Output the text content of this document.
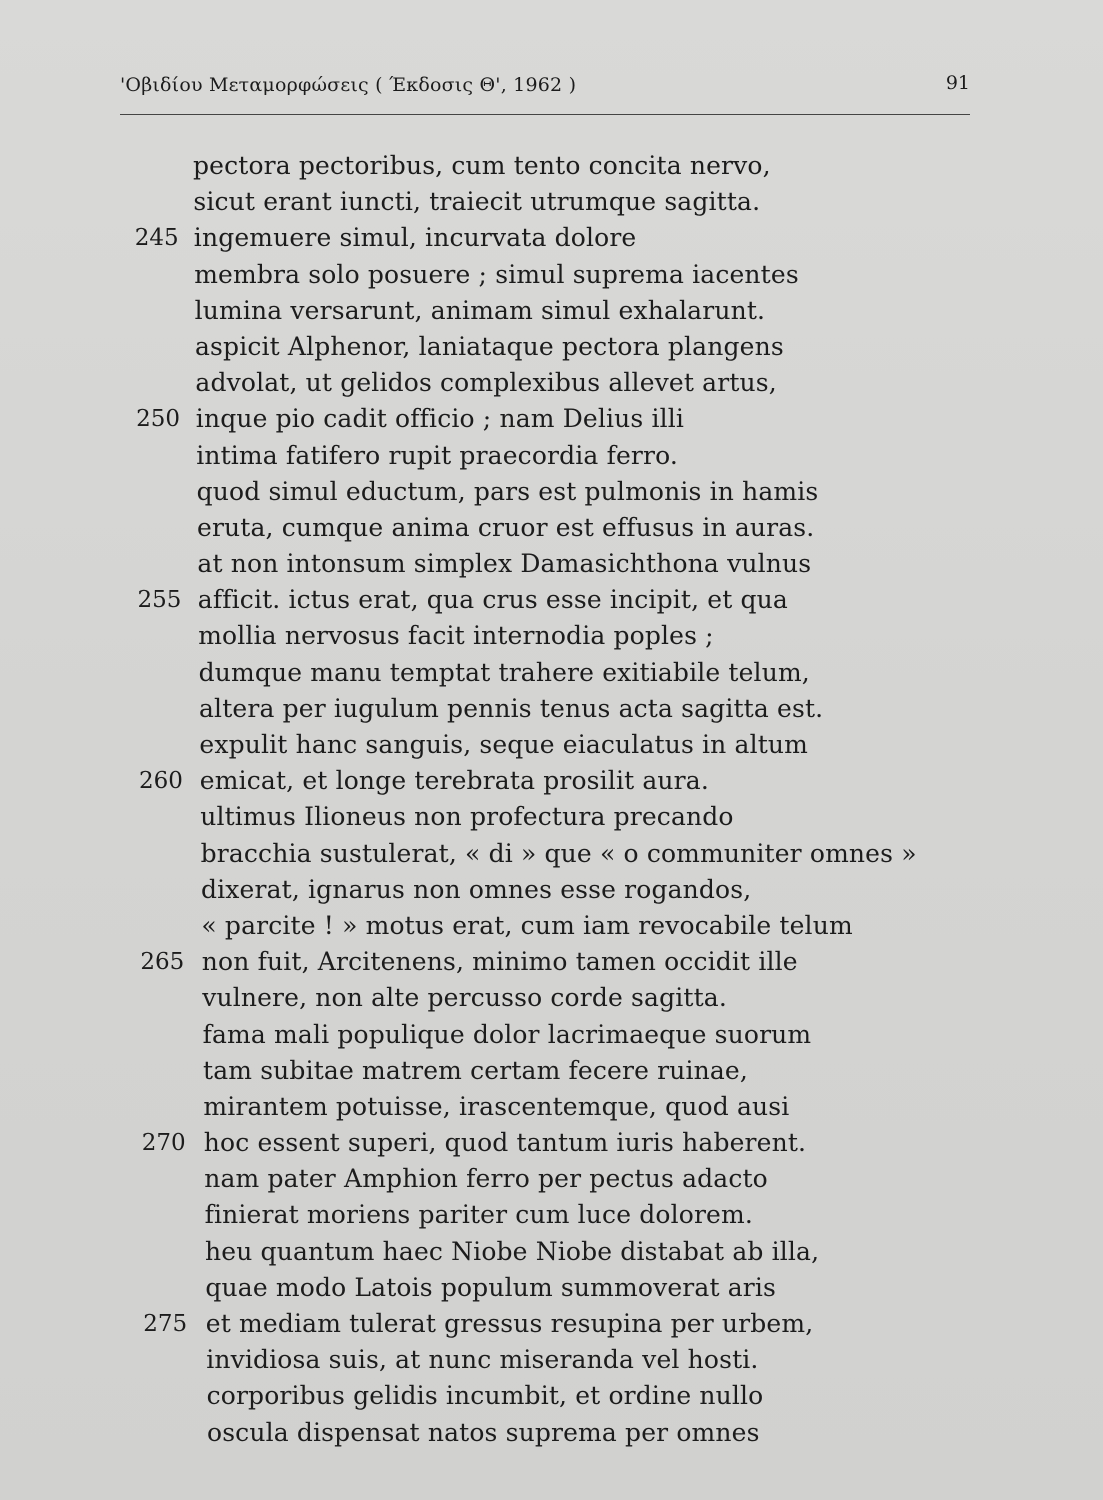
'Οβιδίου Μεταμορφώσεις ( Έκδοσις Θ', 1962 )	91
pectora pectoribus, cum tento concita nervo,
sicut erant iuncti, traiecit utrumque sagitta.
245 ingemuere simul, incurvata dolore
membra solo posuere ; simul suprema iacentes
lumina versarunt, animam simul exhalarunt.
aspicit Alphenor, laniataque pectora plangens
advolat, ut gelidos complexibus allevet artus,
250 inque pio cadit officio ; nam Delius illi
intima fatifero rupit praecordia ferro.
quod simul eductum, pars est pulmonis in hamis
eruta, cumque anima cruor est effusus in auras.
at non intonsum simplex Damasichthona vulnus
255 afficit. ictus erat, qua crus esse incipit, et qua
mollia nervosus facit internodia poples ;
dumque manu temptat trahere exitiabile telum,
altera per iugulum pennis tenus acta sagitta est.
expulit hanc sanguis, seque eiaculatus in altum
260 emicat, et longe terebrata prosilit aura.
ultimus Ilioneus non profectura precando
bracchia sustulerat, « di » que « o communiter omnes »
dixerat, ignarus non omnes esse rogandos,
« parcite ! » motus erat, cum iam revocabile telum
265 non fuit, Arcitenens, minimo tamen occidit ille
vulnere, non alte percusso corde sagitta.
fama mali populique dolor lacrimaeque suorum
tam subitae matrem certam fecere ruinae,
mirantem potuisse, irascentemque, quod ausi
270 hoc essent superi, quod tantum iuris haberent.
nam pater Amphion ferro per pectus adacto
finierat moriens pariter cum luce dolorem.
heu quantum haec Niobe Niobe distabat ab illa,
quae modo Latois populum summoverat aris
275 et mediam tulerat gressus resupina per urbem,
invidiosa suis, at nunc miseranda vel hosti.
corporibus gelidis incumbit, et ordine nullo
oscula dispensat natos suprema per omnes
